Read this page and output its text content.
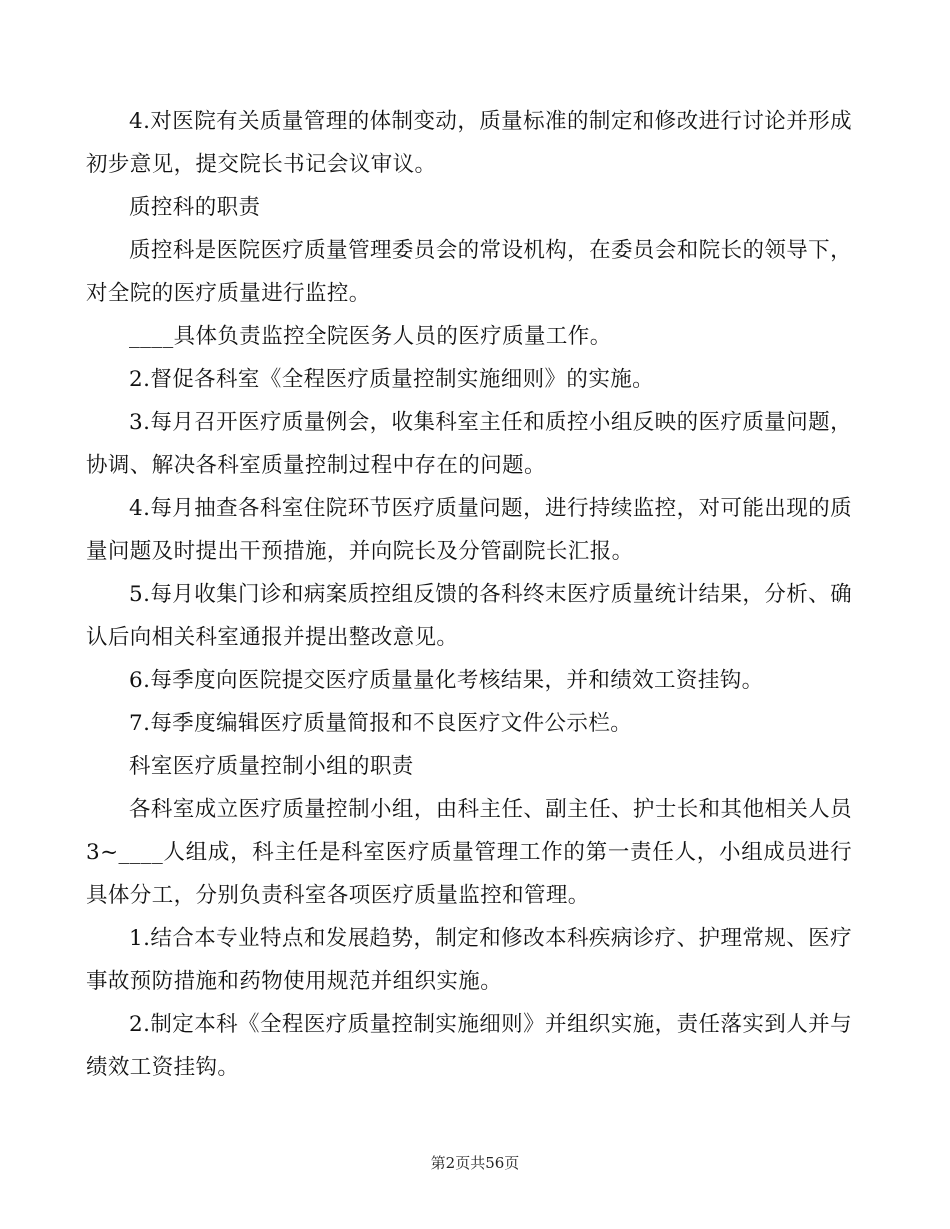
4.对医院有关质量管理的体制变动，质量标准的制定和修改进行讨论并形成初步意见，提交院长书记会议审议。

质控科的职责

质控科是医院医疗质量管理委员会的常设机构，在委员会和院长的领导下，对全院的医疗质量进行监控。

____具体负责监控全院医务人员的医疗质量工作。

2.督促各科室《全程医疗质量控制实施细则》的实施。

3.每月召开医疗质量例会，收集科室主任和质控小组反映的医疗质量问题，协调、解决各科室质量控制过程中存在的问题。

4.每月抽查各科室住院环节医疗质量问题，进行持续监控，对可能出现的质量问题及时提出干预措施，并向院长及分管副院长汇报。

5.每月收集门诊和病案质控组反馈的各科终末医疗质量统计结果，分析、确认后向相关科室通报并提出整改意见。

6.每季度向医院提交医疗质量量化考核结果，并和绩效工资挂钩。

7.每季度编辑医疗质量简报和不良医疗文件公示栏。

科室医疗质量控制小组的职责

各科室成立医疗质量控制小组，由科主任、副主任、护士长和其他相关人员3~____人组成，科主任是科室医疗质量管理工作的第一责任人，小组成员进行具体分工，分别负责科室各项医疗质量监控和管理。

1.结合本专业特点和发展趋势，制定和修改本科疾病诊疗、护理常规、医疗事故预防措施和药物使用规范并组织实施。

2.制定本科《全程医疗质量控制实施细则》并组织实施，责任落实到人并与绩效工资挂钩。

第2页共56页
